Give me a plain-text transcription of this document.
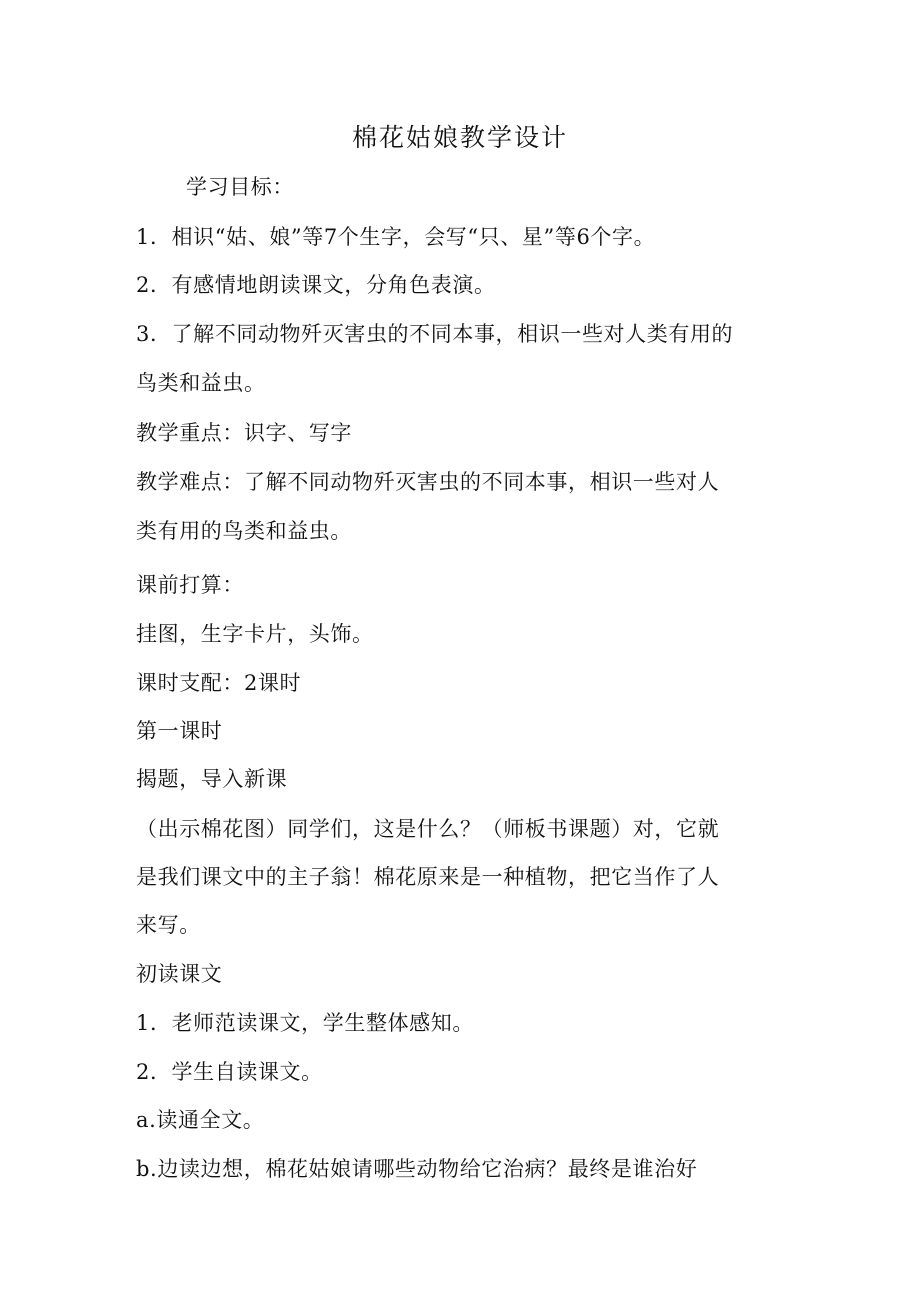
棉花姑娘教学设计
学习目标：
1．相识“姑、娘”等7个生字，会写“只、星”等6个字。
2．有感情地朗读课文，分角色表演。
3．了解不同动物歼灭害虫的不同本事，相识一些对人类有用的
鸟类和益虫。
教学重点：识字、写字
教学难点：了解不同动物歼灭害虫的不同本事，相识一些对人
类有用的鸟类和益虫。
课前打算：
挂图，生字卡片，头饰。
课时支配：2课时
第一课时
揭题，导入新课
（出示棉花图）同学们，这是什么？（师板书课题）对，它就
是我们课文中的主子翁！棉花原来是一种植物，把它当作了人
来写。
初读课文
1．老师范读课文，学生整体感知。
2．学生自读课文。
a.读通全文。
b.边读边想，棉花姑娘请哪些动物给它治病？最终是谁治好
